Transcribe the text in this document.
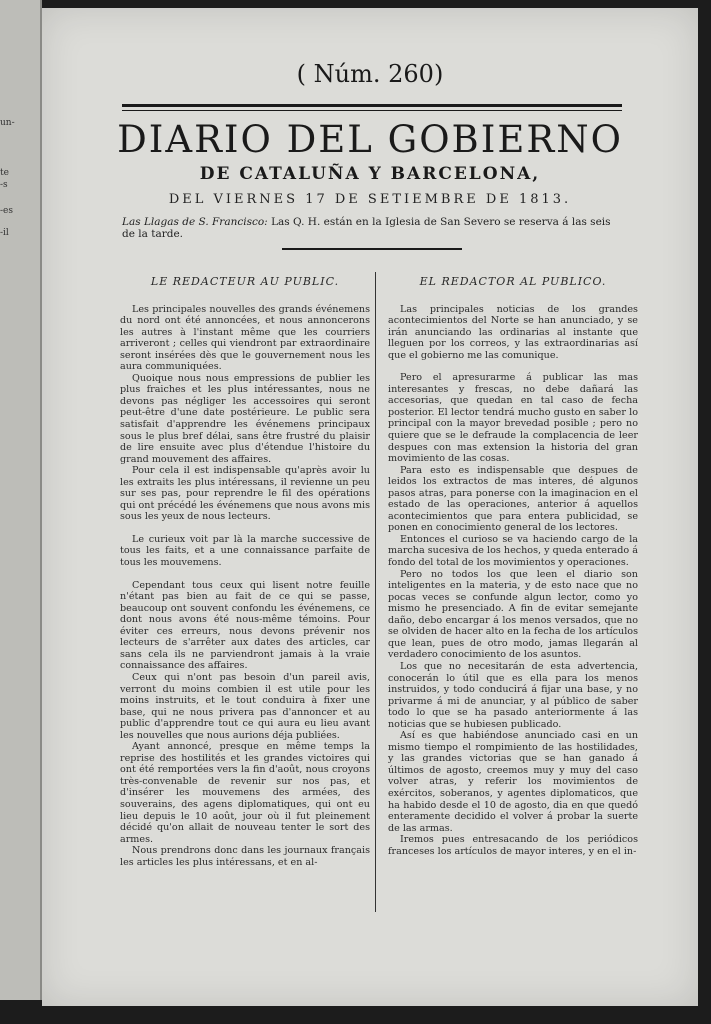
un-
te
-s
-es
-il
( Núm. 260)
DIARIO DEL GOBIERNO
DE CATALUÑA Y BARCELONA,
DEL VIERNES 17 DE SETIEMBRE DE 1813.
Las Llagas de S. Francisco: Las Q. H. están en la Iglesia de San Severo se reserva á las seis de la tarde.
LE REDACTEUR AU PUBLIC.

Les principales nouvelles des grands événemens du nord ont été annoncées, et nous annoncerons les autres à l'instant même que les courriers arriveront ; celles qui viendront par extraordinaire seront insérées dès que le gouvernement nous les aura communiquées.

Quoique nous nous empressions de publier les plus fraiches et les plus intéressantes, nous ne devons pas négliger les accessoires qui seront peut-être d'une date postérieure. Le public sera satisfait d'apprendre les événemens principaux sous le plus bref délai, sans être frustré du plaisir de lire ensuite avec plus d'étendue l'histoire du grand mouvement des affaires.

Pour cela il est indispensable qu'après avoir lu les extraits les plus intéressans, il revienne un peu sur ses pas, pour reprendre le fil des opérations qui ont précédé les événemens que nous avons mis sous les yeux de nous lecteurs.

Le curieux voit par là la marche successive de tous les faits, et a une connaissance parfaite de tous les mouvemens.

Cependant tous ceux qui lisent notre feuille n'étant pas bien au fait de ce qui se passe, beaucoup ont souvent confondu les événemens, ce dont nous avons été nous-même témoins. Pour éviter ces erreurs, nous devons prévenir nos lecteurs de s'arrêter aux dates des articles, car sans cela ils ne parviendront jamais à la vraie connaissance des affaires.

Ceux qui n'ont pas besoin d'un pareil avis, verront du moins combien il est utile pour les moins instruits, et le tout conduira à fixer une base, qui ne nous privera pas d'annoncer et au public d'apprendre tout ce qui aura eu lieu avant les nouvelles que nous aurions déja publiées.

Ayant annoncé, presque en même temps la reprise des hostilités et les grandes victoires qui ont été remportées vers la fin d'août, nous croyons très-convenable de revenir sur nos pas, et d'insérer les mouvemens des armées, des souverains, des agens diplomatiques, qui ont eu lieu depuis le 10 août, jour où il fut pleinement décidé qu'on allait de nouveau tenter le sort des armes.

Nous prendrons donc dans les journaux français les articles les plus intéressans, et en al-

EL REDACTOR AL PUBLICO.

Las principales noticias de los grandes acontecimientos del Norte se han anunciado, y se irán anunciando las ordinarias al instante que lleguen por los correos, y las extraordinarias así que el gobierno me las comunique.

Pero el apresurarme á publicar las mas interesantes y frescas, no debe dañará las accesorias, que quedan en tal caso de fecha posterior. El lector tendrá mucho gusto en saber lo principal con la mayor brevedad posible ; pero no quiere que se le defraude la complacencia de leer despues con mas extension la historia del gran movimiento de las cosas.

Para esto es indispensable que despues de leidos los extractos de mas interes, dé algunos pasos atras, para ponerse con la imaginacion en el estado de las operaciones, anterior á aquellos acontecimientos que para entera publicidad, se ponen en conocimiento general de los lectores.

Entonces el curioso se va haciendo cargo de la marcha sucesiva de los hechos, y queda enterado á fondo del total de los movimientos y operaciones.

Pero no todos los que leen el diario son inteligentes en la materia, y de esto nace que no pocas veces se confunde algun lector, como yo mismo he presenciado. A fin de evitar semejante daño, debo encargar á los menos versados, que no se olviden de hacer alto en la fecha de los artículos que lean, pues de otro modo, jamas llegarán al verdadero conocimiento de los asuntos.

Los que no necesitarán de esta advertencia, conocerán lo útil que es ella para los menos instruidos, y todo conducirá á fijar una base, y no privarme á mi de anunciar, y al público de saber todo lo que se ha pasado anteriormente á las noticias que se hubiesen publicado.

Así es que habiéndose anunciado casi en un mismo tiempo el rompimiento de las hostilidades, y las grandes victorias que se han ganado á últimos de agosto, creemos muy y muy del caso volver atras, y referir los movimientos de exércitos, soberanos, y agentes diplomaticos, que ha habido desde el 10 de agosto, dia en que quedó enteramente decidido el volver á probar la suerte de las armas.

Iremos pues entresacando de los periódicos franceses los artículos de mayor interes, y en el in-
